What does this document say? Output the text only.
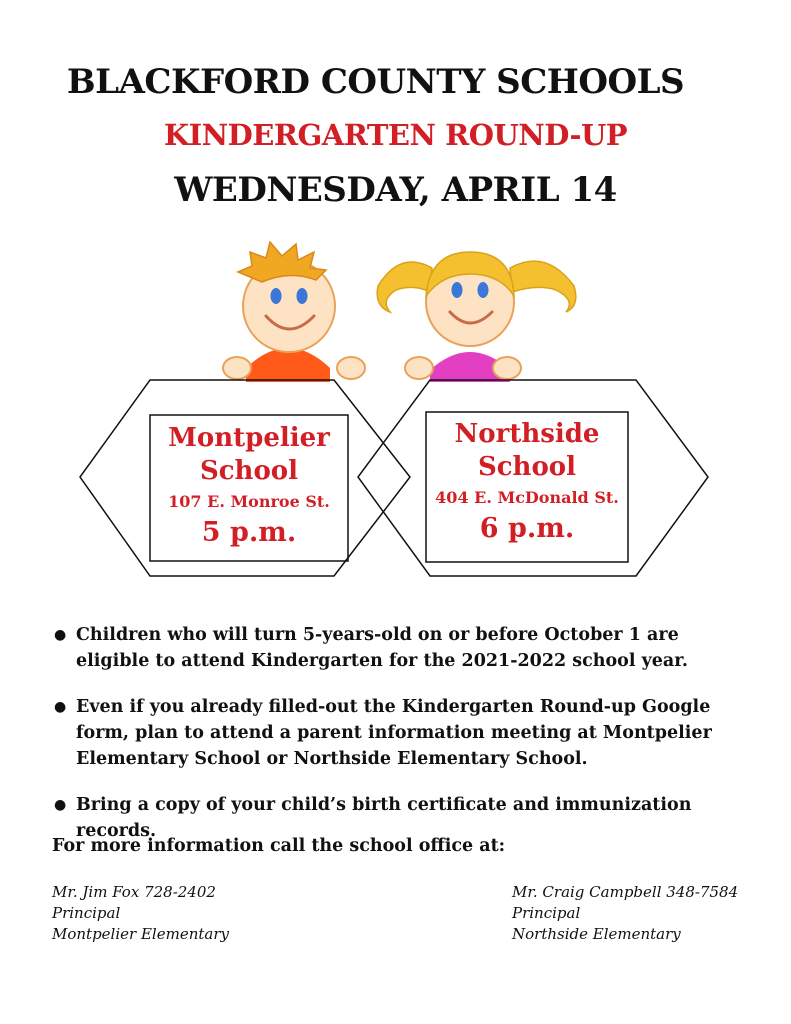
BLACKFORD COUNTY SCHOOLS
KINDERGARTEN ROUND-UP
WEDNESDAY, APRIL 14
Montpelier
School
107 E. Monroe St.
5 p.m.
Northside
School
404 E. McDonald St.
6 p.m.
● Children who will turn 5-years-old on or before October 1 are eligible to attend Kindergarten for the 2021-2022 school year.
● Even if you already filled-out the Kindergarten Round-up Google form, plan to attend a parent information meeting at Montpelier Elementary School or Northside Elementary School.
● Bring a copy of your child’s birth certificate and immunization records.
For more information call the school office at:
Mr. Jim Fox 728-2402
Principal
Montpelier Elementary
Mr. Craig Campbell 348-7584
Principal
Northside Elementary
